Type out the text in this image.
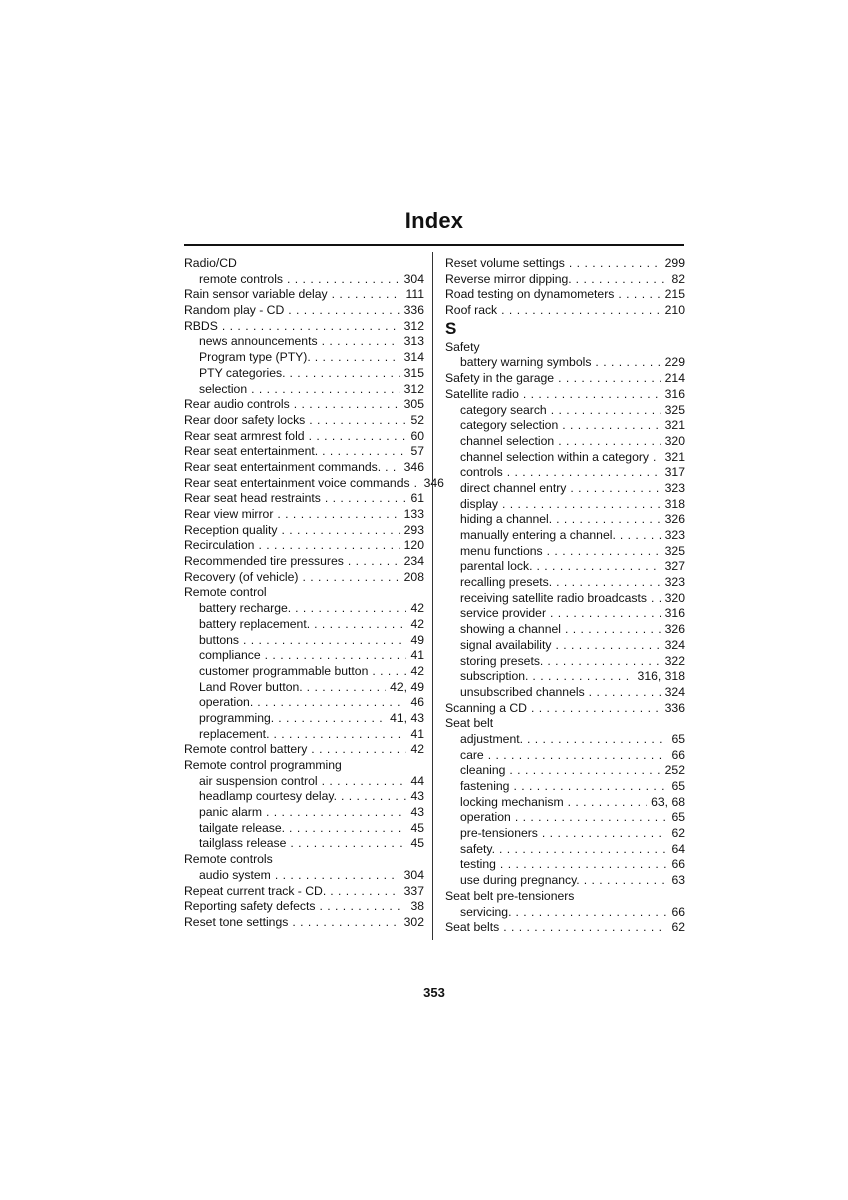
Index
Radio/CD
remote controls . . .	304
Rain sensor variable delay . . .	111
Random play - CD . . .	336
RBDS . . .	312
news announcements . . .	313
Program type (PTY). . . .	314
PTY categories. . . .	315
selection . . .	312
Rear audio controls . . .	305
Rear door safety locks . . .	52
Rear seat armrest fold . . .	60
Rear seat entertainment. . . .	57
Rear seat entertainment commands. . . . 346
Rear seat entertainment voice commands . . . 346
Rear seat head restraints . . .	61
Rear view mirror . . .	133
Reception quality . . .	293
Recirculation . . .	120
Recommended tire pressures . . .	234
Recovery (of vehicle) . . .	208
Remote control
battery recharge. . . .	42
battery replacement. . . .	42
buttons . . .	49
compliance . . .	41
customer programmable button . . .	42
Land Rover button. . . .	42, 49
operation. . . .	46
programming. . . .	41, 43
replacement. . . .	41
Remote control battery . . .	42
Remote control programming
air suspension control . . .	44
headlamp courtesy delay. . . .	43
panic alarm . . .	43
tailgate release. . . .	45
tailglass release . . .	45
Remote controls
audio system . . .	304
Repeat current track - CD. . . .	337
Reporting safety defects . . .	38
Reset tone settings . . .	302
Reset volume settings . . .	299
Reverse mirror dipping. . . .	82
Road testing on dynamometers . . .	215
Roof rack . . .	210
S
Safety
battery warning symbols . . .	229
Safety in the garage . . .	214
Satellite radio . . .	316
category search . . .	325
category selection . . .	321
channel selection . . .	320
channel selection within a category . . . 321
controls . . .	317
direct channel entry . . .	323
display . . .	318
hiding a channel. . . .	326
manually entering a channel. . . .	323
menu functions . . .	325
parental lock. . . .	327
recalling presets. . . .	323
receiving satellite radio broadcasts . . . 320
service provider . . .	316
showing a channel . . .	326
signal availability . . .	324
storing presets. . . .	322
subscription. . . .	316, 318
unsubscribed channels . . .	324
Scanning a CD . . .	336
Seat belt
adjustment. . . .	65
care . . .	66
cleaning . . .	252
fastening . . .	65
locking mechanism . . .	63, 68
operation . . .	65
pre-tensioners . . .	62
safety. . . .	64
testing . . .	66
use during pregnancy. . . .	63
Seat belt pre-tensioners
servicing. . . .	66
Seat belts . . .	62
353
